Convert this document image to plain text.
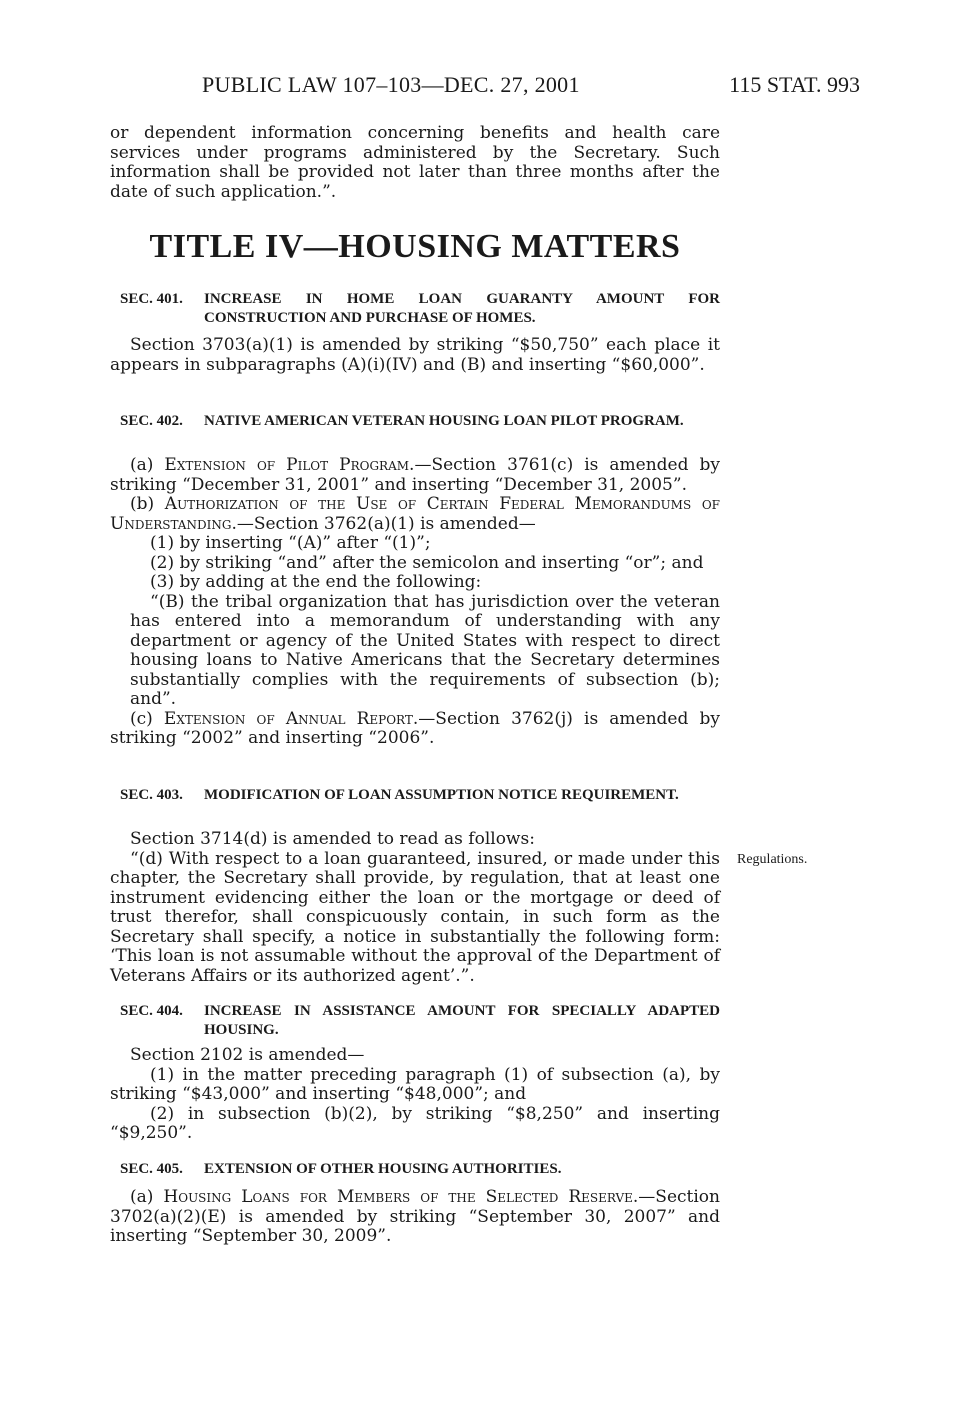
PUBLIC LAW 107–103—DEC. 27, 2001	115 STAT. 993

or dependent information concerning benefits and health care services under programs administered by the Secretary. Such information shall be provided not later than three months after the date of such application.”.

TITLE IV—HOUSING MATTERS
SEC. 401. INCREASE IN HOME LOAN GUARANTY AMOUNT FOR CONSTRUCTION AND PURCHASE OF HOMES.

Section 3703(a)(1) is amended by striking “$50,750” each place it appears in subparagraphs (A)(i)(IV) and (B) and inserting “$60,000”.

SEC. 402. NATIVE AMERICAN VETERAN HOUSING LOAN PILOT PROGRAM.

(a) Extension of Pilot Program.—Section 3761(c) is amended by striking “December 31, 2001” and inserting “December 31, 2005”.

(b) Authorization of the Use of Certain Federal Memorandums of Understanding.—Section 3762(a)(1) is amended—

(1) by inserting “(A)” after “(1)”;

(2) by striking “and” after the semicolon and inserting “or”; and

(3) by adding at the end the following:

“(B) the tribal organization that has jurisdiction over the veteran has entered into a memorandum of understanding with any department or agency of the United States with respect to direct housing loans to Native Americans that the Secretary determines substantially complies with the requirements of subsection (b); and”.

(c) Extension of Annual Report.—Section 3762(j) is amended by striking “2002” and inserting “2006”.

SEC. 403. MODIFICATION OF LOAN ASSUMPTION NOTICE REQUIREMENT.

Section 3714(d) is amended to read as follows:

“(d) With respect to a loan guaranteed, insured, or made under this chapter, the Secretary shall provide, by regulation, that at least one instrument evidencing either the loan or the mortgage or deed of trust therefor, shall conspicuously contain, in such form as the Secretary shall specify, a notice in substantially the following form: ‘This loan is not assumable without the approval of the Department of Veterans Affairs or its authorized agent’.”.

Regulations.
SEC. 404. INCREASE IN ASSISTANCE AMOUNT FOR SPECIALLY ADAPTED HOUSING.

Section 2102 is amended—

(1) in the matter preceding paragraph (1) of subsection (a), by striking “$43,000” and inserting “$48,000”; and

(2) in subsection (b)(2), by striking “$8,250” and inserting “$9,250”.

SEC. 405. EXTENSION OF OTHER HOUSING AUTHORITIES.

(a) Housing Loans for Members of the Selected Reserve.—Section 3702(a)(2)(E) is amended by striking “September 30, 2007” and inserting “September 30, 2009”.
